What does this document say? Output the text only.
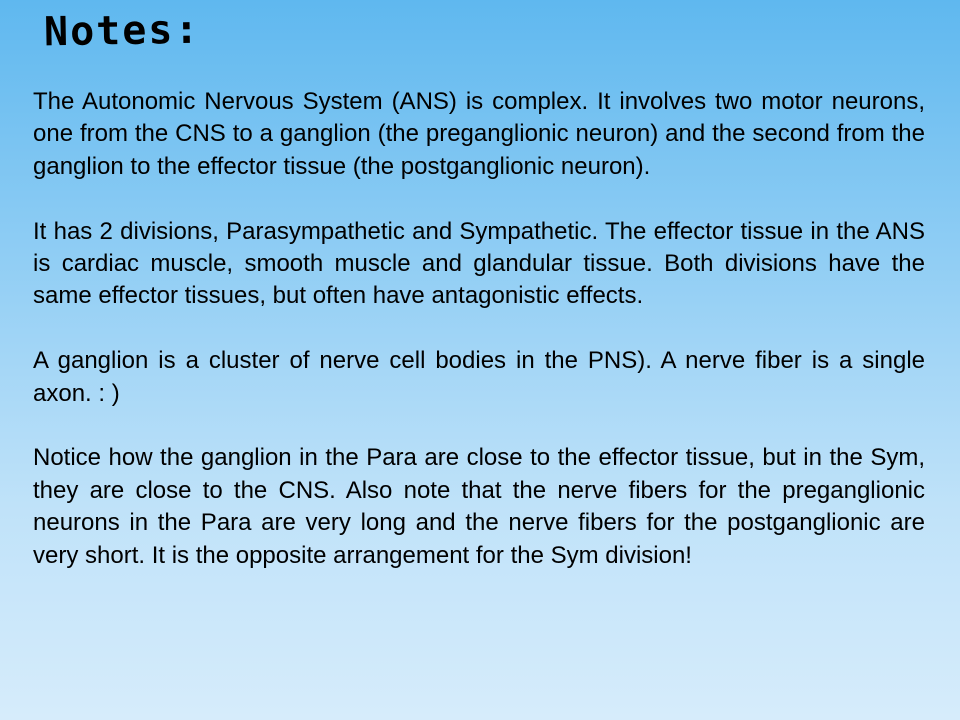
Notes:

The Autonomic Nervous System (ANS) is complex. It involves two motor neurons, one from the CNS to a ganglion (the preganglionic neuron) and the second from the ganglion to the effector tissue (the postganglionic neuron).

It has 2 divisions, Parasympathetic and Sympathetic. The effector tissue in the ANS is cardiac muscle, smooth muscle and glandular tissue. Both divisions have the same effector tissues, but often have antagonistic effects.

A ganglion is a cluster of nerve cell bodies in the PNS). A nerve fiber is a single axon. : )

Notice how the ganglion in the Para are close to the effector tissue, but in the Sym, they are close to the CNS. Also note that the nerve fibers for the preganglionic neurons in the Para are very long and the nerve fibers for the postganglionic are very short. It is the opposite arrangement for the Sym division!
